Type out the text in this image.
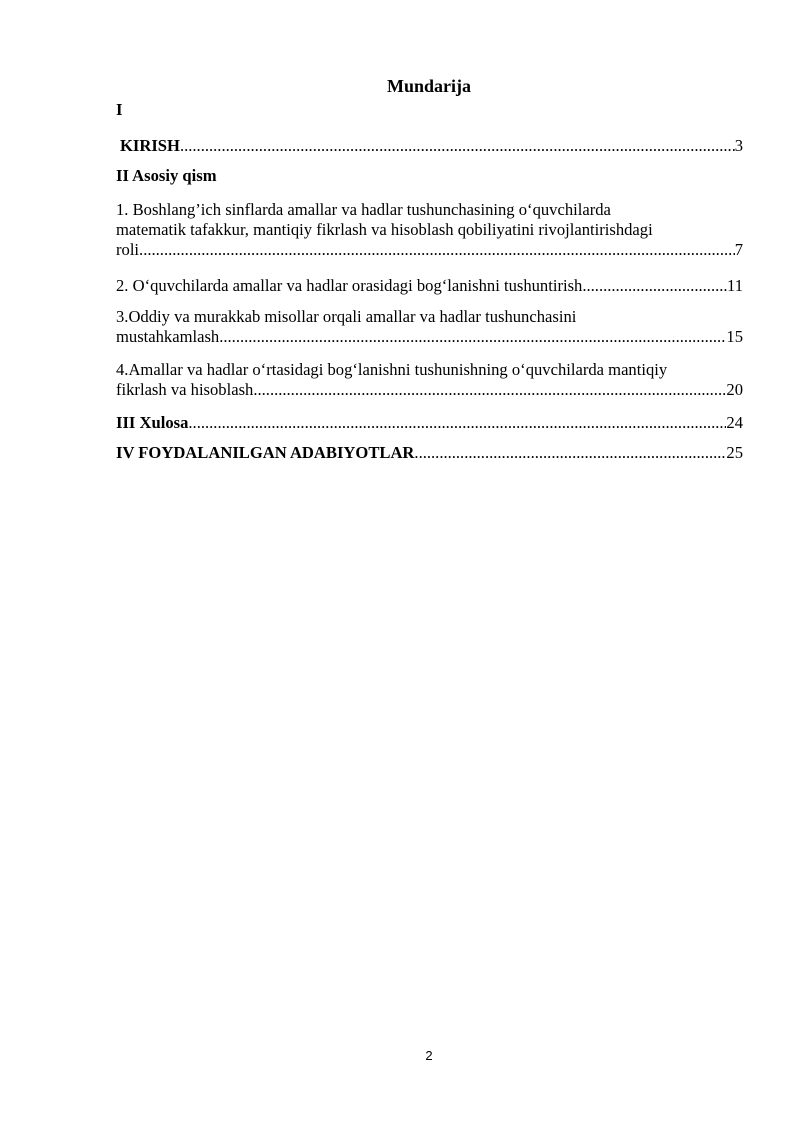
Mundarija
I
KIRISH .....	3
II Asosiy qism
1. Boshlang’ich sinflarda amallar va hadlar tushunchasining o‘quvchilarda
matematik tafakkur, mantiqiy fikrlash va hisoblash qobiliyatini rivojlantirishdagi
roli .....	7
2. O‘quvchilarda amallar va hadlar orasidagi bog‘lanishni tushuntirish .....	11
3.Oddiy va murakkab misollar orqali amallar va hadlar tushunchasini
mustahkamlash .....	15
4.Amallar va hadlar o‘rtasidagi bog‘lanishni tushunishning o‘quvchilarda mantiqiy
fikrlash va hisoblash .....	20
III Xulosa .....	24
IV FOYDALANILGAN ADABIYOTLAR .....	25
2
